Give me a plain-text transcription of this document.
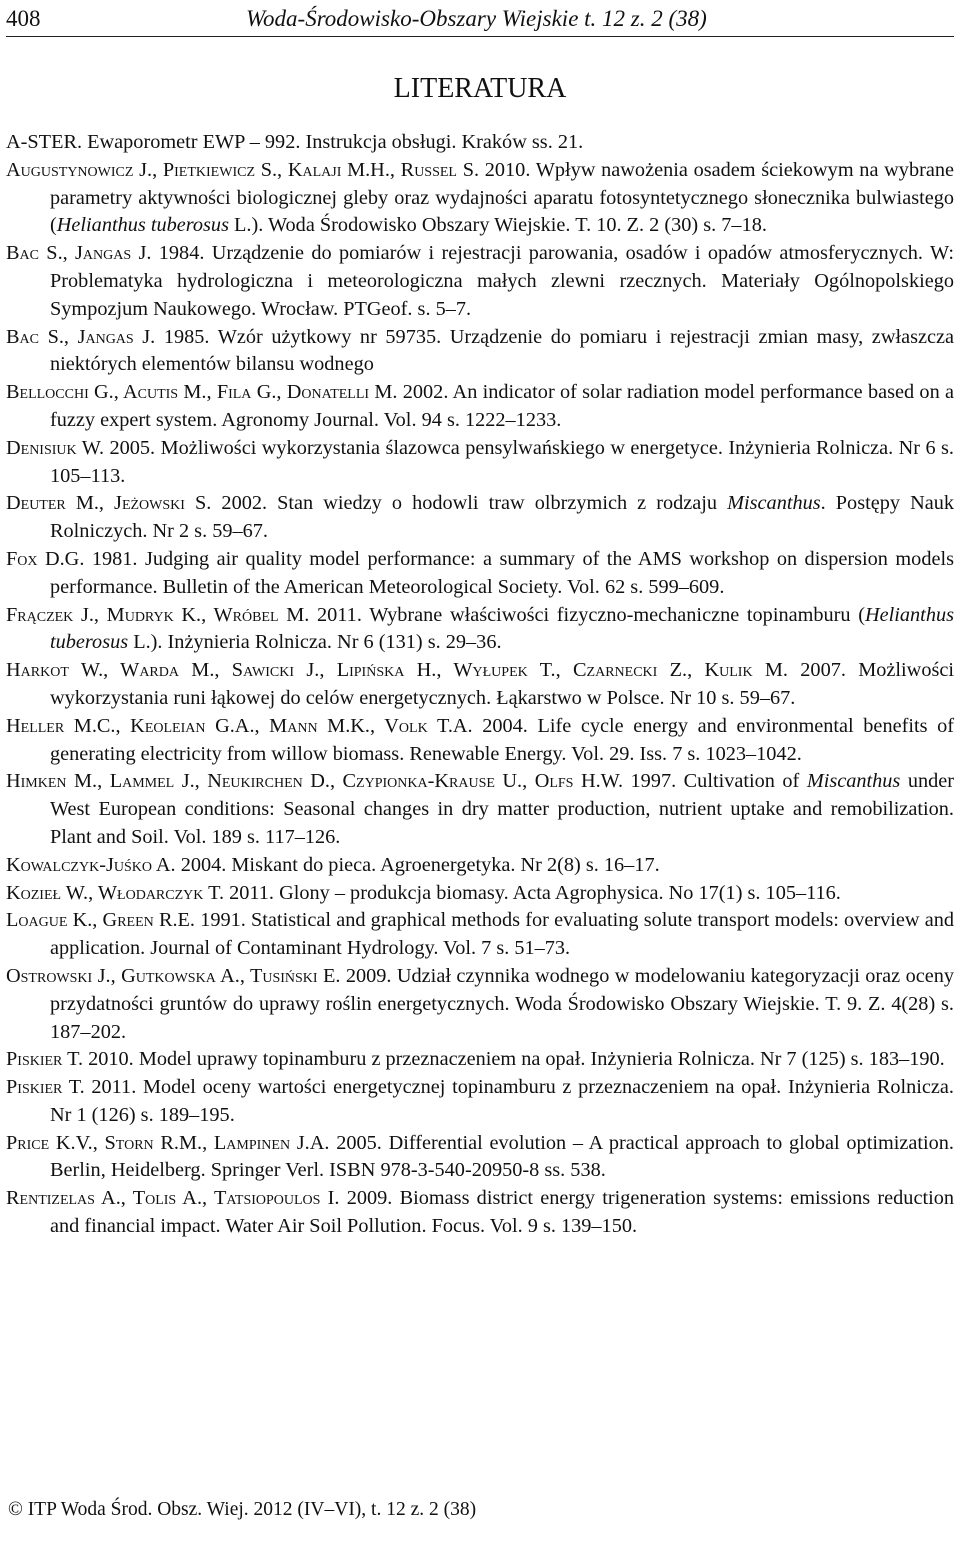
408	Woda-Środowisko-Obszary Wiejskie t. 12 z. 2 (38)
LITERATURA

A-STER. Ewaporometr EWP – 992. Instrukcja obsługi. Kraków ss. 21.

Augustynowicz J., Pietkiewicz S., Kalaji M.H., Russel S. 2010. Wpływ nawożenia osadem ściekowym na wybrane parametry aktywności biologicznej gleby oraz wydajności aparatu fotosyntetycznego słonecznika bulwiastego (Helianthus tuberosus L.). Woda Środowisko Obszary Wiejskie. T. 10. Z. 2 (30) s. 7–18.

Bac S., Jangas J. 1984. Urządzenie do pomiarów i rejestracji parowania, osadów i opadów atmosferycznych. W: Problematyka hydrologiczna i meteorologiczna małych zlewni rzecznych. Materiały Ogólnopolskiego Sympozjum Naukowego. Wrocław. PTGeof. s. 5–7.

Bac S., Jangas J. 1985. Wzór użytkowy nr 59735. Urządzenie do pomiaru i rejestracji zmian masy, zwłaszcza niektórych elementów bilansu wodnego

Bellocchi G., Acutis M., Fila G., Donatelli M. 2002. An indicator of solar radiation model performance based on a fuzzy expert system. Agronomy Journal. Vol. 94 s. 1222–1233.

Denisiuk W. 2005. Możliwości wykorzystania ślazowca pensylwańskiego w energetyce. Inżynieria Rolnicza. Nr 6 s. 105–113.

Deuter M., Jeżowski S. 2002. Stan wiedzy o hodowli traw olbrzymich z rodzaju Miscanthus. Postępy Nauk Rolniczych. Nr 2 s. 59–67.

Fox D.G. 1981. Judging air quality model performance: a summary of the AMS workshop on dispersion models performance. Bulletin of the American Meteorological Society. Vol. 62 s. 599–609.

Frączek J., Mudryk K., Wróbel M. 2011. Wybrane właściwości fizyczno-mechaniczne topinamburu (Helianthus tuberosus L.). Inżynieria Rolnicza. Nr 6 (131) s. 29–36.

Harkot W., Warda M., Sawicki J., Lipińska H., Wyłupek T., Czarnecki Z., Kulik M. 2007. Możliwości wykorzystania runi łąkowej do celów energetycznych. Łąkarstwo w Polsce. Nr 10 s. 59–67.

Heller M.C., Keoleian G.A., Mann M.K., Volk T.A. 2004. Life cycle energy and environmental benefits of generating electricity from willow biomass. Renewable Energy. Vol. 29. Iss. 7 s. 1023–1042.

Himken M., Lammel J., Neukirchen D., Czypionka-Krause U., Olfs H.W. 1997. Cultivation of Miscanthus under West European conditions: Seasonal changes in dry matter production, nutrient uptake and remobilization. Plant and Soil. Vol. 189 s. 117–126.

Kowalczyk-Juśko A. 2004. Miskant do pieca. Agroenergetyka. Nr 2(8) s. 16–17.

Kozieł W., Włodarczyk T. 2011. Glony – produkcja biomasy. Acta Agrophysica. No 17(1) s. 105–116.

Loague K., Green R.E. 1991. Statistical and graphical methods for evaluating solute transport models: overview and application. Journal of Contaminant Hydrology. Vol. 7 s. 51–73.

Ostrowski J., Gutkowska A., Tusiński E. 2009. Udział czynnika wodnego w modelowaniu kategoryzacji oraz oceny przydatności gruntów do uprawy roślin energetycznych. Woda Środowisko Obszary Wiejskie. T. 9. Z. 4(28) s. 187–202.

Piskier T. 2010. Model uprawy topinamburu z przeznaczeniem na opał. Inżynieria Rolnicza. Nr 7 (125) s. 183–190.

Piskier T. 2011. Model oceny wartości energetycznej topinamburu z przeznaczeniem na opał. Inżynieria Rolnicza. Nr 1 (126) s. 189–195.

Price K.V., Storn R.M., Lampinen J.A. 2005. Differential evolution – A practical approach to global optimization. Berlin, Heidelberg. Springer Verl. ISBN 978-3-540-20950-8 ss. 538.

Rentizelas A., Tolis A., Tatsiopoulos I. 2009. Biomass district energy trigeneration systems: emissions reduction and financial impact. Water Air Soil Pollution. Focus. Vol. 9 s. 139–150.

© ITP Woda Środ. Obsz. Wiej. 2012 (IV–VI), t. 12 z. 2 (38)
